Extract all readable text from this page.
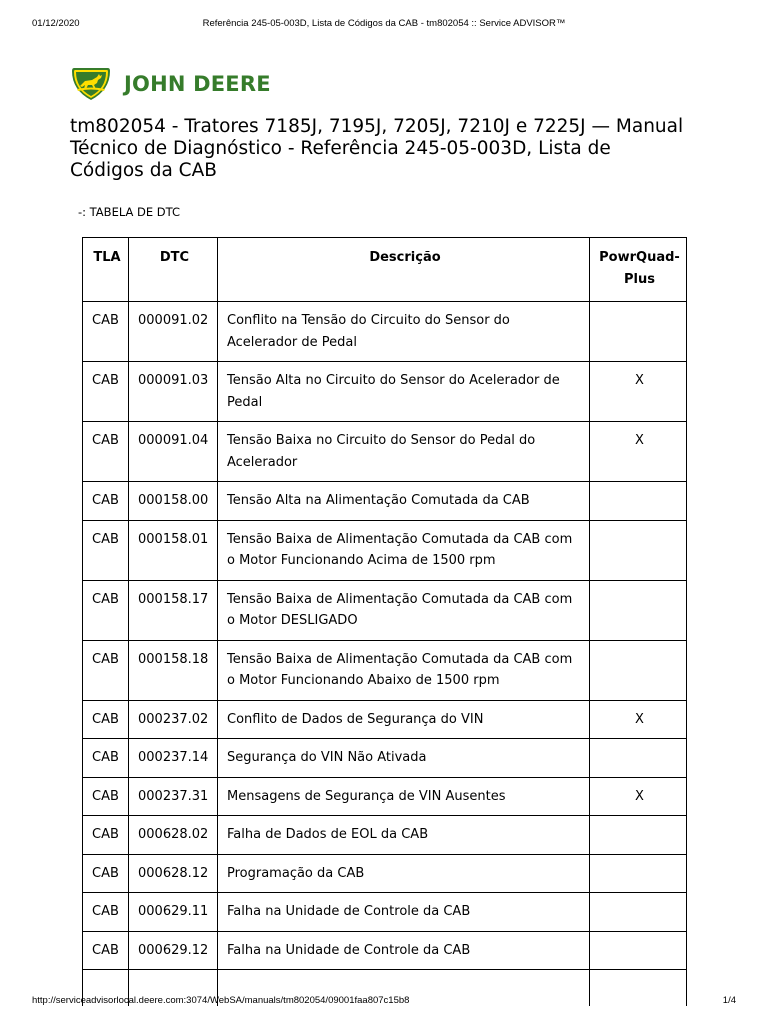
01/12/2020	Referência 245-05-003D, Lista de Códigos da CAB - tm802054 :: Service ADVISOR™
JOHN DEERE
tm802054 - Tratores 7185J, 7195J, 7205J, 7210J e 7225J — Manual Técnico de Diagnóstico - Referência 245-05-003D, Lista de Códigos da CAB

-: TABELA DE DTC

TLA	DTC	Descrição	PowrQuad-Plus
CAB	000091.02	Conflito na Tensão do Circuito do Sensor do Acelerador de Pedal	
CAB	000091.03	Tensão Alta no Circuito do Sensor do Acelerador de Pedal	X
CAB	000091.04	Tensão Baixa no Circuito do Sensor do Pedal do Acelerador	X
CAB	000158.00	Tensão Alta na Alimentação Comutada da CAB	
CAB	000158.01	Tensão Baixa de Alimentação Comutada da CAB com o Motor Funcionando Acima de 1500 rpm	
CAB	000158.17	Tensão Baixa de Alimentação Comutada da CAB com o Motor DESLIGADO	
CAB	000158.18	Tensão Baixa de Alimentação Comutada da CAB com o Motor Funcionando Abaixo de 1500 rpm	
CAB	000237.02	Conflito de Dados de Segurança do VIN	X
CAB	000237.14	Segurança do VIN Não Ativada	
CAB	000237.31	Mensagens de Segurança de VIN Ausentes	X
CAB	000628.02	Falha de Dados de EOL da CAB	
CAB	000628.12	Programação da CAB	
CAB	000629.11	Falha na Unidade de Controle da CAB	
CAB	000629.12	Falha na Unidade de Controle da CAB	

http://serviceadvisorlocal.deere.com:3074/WebSA/manuals/tm802054/09001faa807c15b8	1/4
